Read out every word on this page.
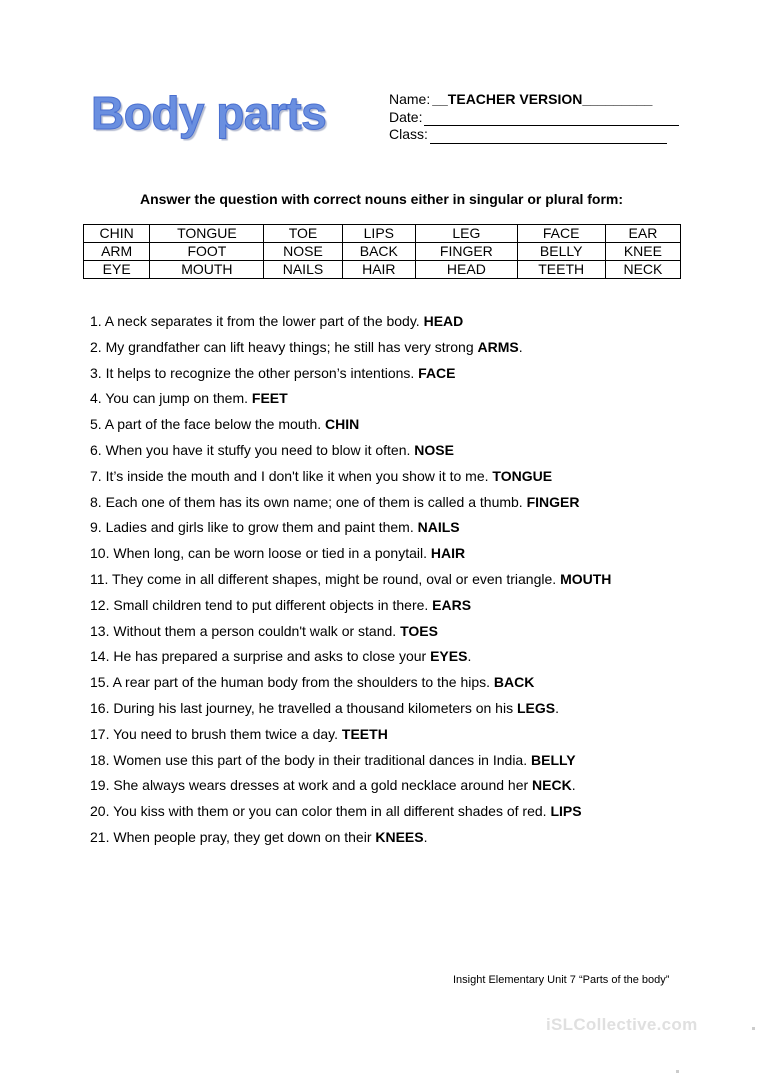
Body parts	Name: __TEACHER VERSION_________
Date:
Class:
Answer the question with correct nouns either in singular or plural form:
CHIN	TONGUE	TOE	LIPS	LEG	FACE	EAR
ARM	FOOT	NOSE	BACK	FINGER	BELLY	KNEE
EYE	MOUTH	NAILS	HAIR	HEAD	TEETH	NECK
1. A neck separates it from the lower part of the body. HEAD
2. My grandfather can lift heavy things; he still has very strong ARMS.
3. It helps to recognize the other person’s intentions. FACE
4. You can jump on them. FEET
5. A part of the face below the mouth. CHIN
6. When you have it stuffy you need to blow it often. NOSE
7. It’s inside the mouth and I don't like it when you show it to me. TONGUE
8. Each one of them has its own name; one of them is called a thumb. FINGER
9. Ladies and girls like to grow them and paint them. NAILS
10. When long, can be worn loose or tied in a ponytail. HAIR
11. They come in all different shapes, might be round, oval or even triangle. MOUTH
12. Small children tend to put different objects in there. EARS
13. Without them a person couldn't walk or stand. TOES
14. He has prepared a surprise and asks to close your EYES.
15. A rear part of the human body from the shoulders to the hips. BACK
16. During his last journey, he travelled a thousand kilometers on his LEGS.
17. You need to brush them twice a day. TEETH
18. Women use this part of the body in their traditional dances in India. BELLY
19. She always wears dresses at work and a gold necklace around her NECK.
20. You kiss with them or you can color them in all different shades of red. LIPS
21. When people pray, they get down on their KNEES.
Insight Elementary Unit 7 “Parts of the body”
iSLCollective.com
